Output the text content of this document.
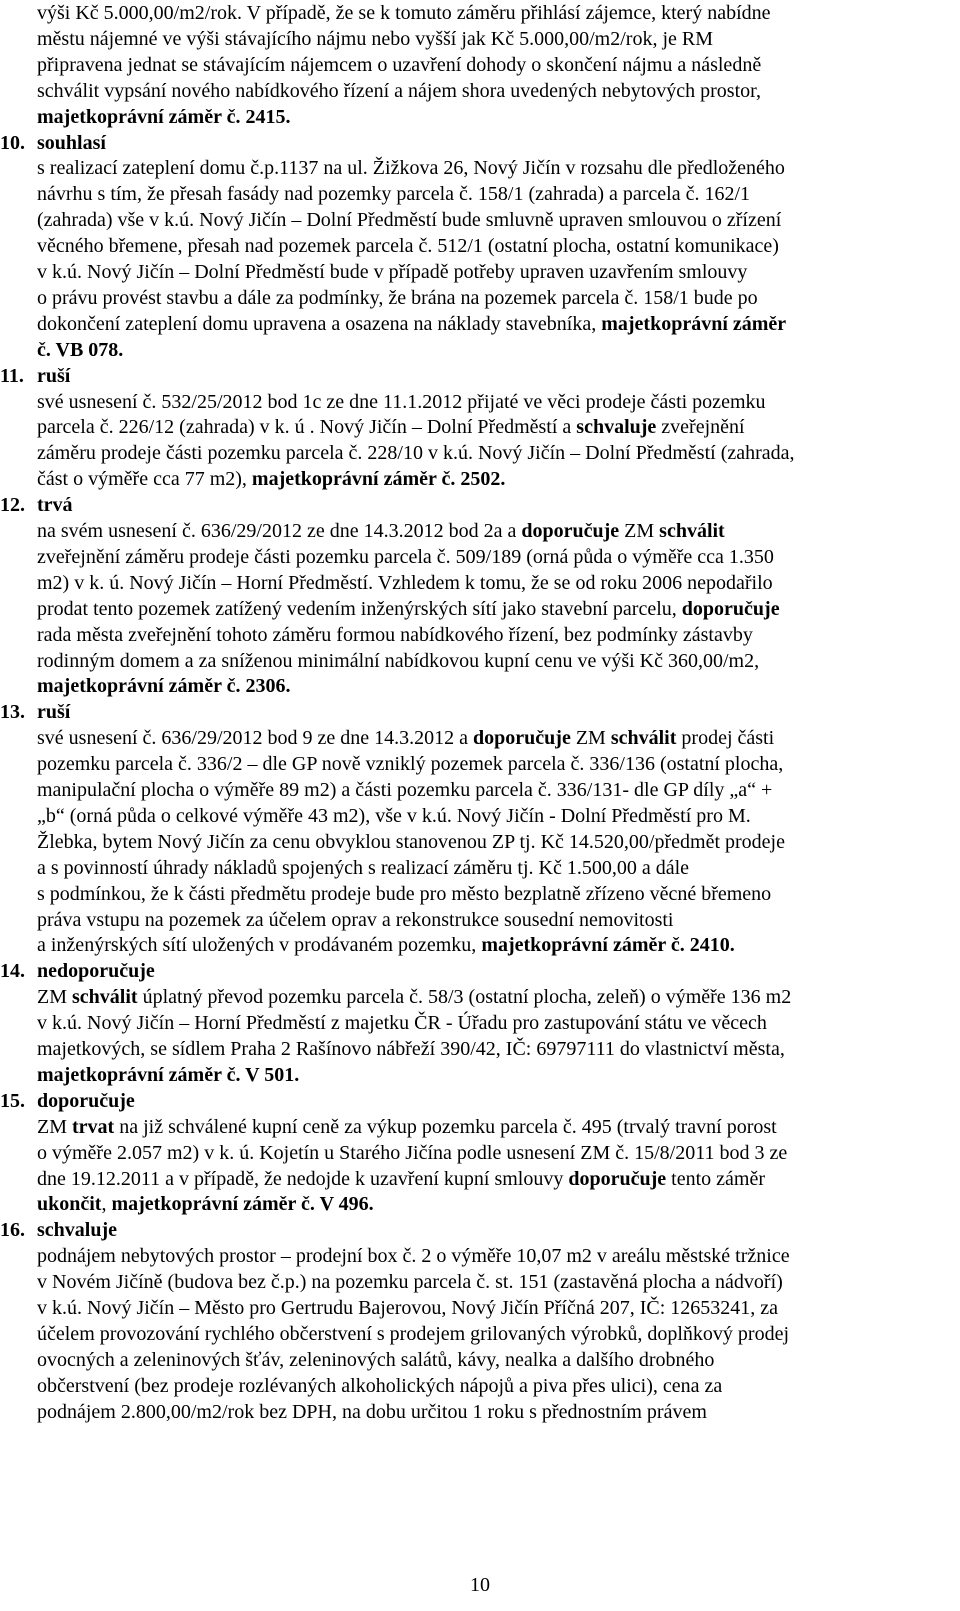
výši Kč 5.000,00/m2/rok. V případě, že se k tomuto záměru přihlásí zájemce, který nabídne
městu nájemné ve výši stávajícího nájmu nebo vyšší jak Kč 5.000,00/m2/rok, je RM
připravena jednat se stávajícím nájemcem o uzavření dohody o skončení nájmu a následně
schválit vypsání nového nabídkového řízení a nájem shora uvedených nebytových prostor,
majetkoprávní záměr č. 2415.
10. souhlasí
s realizací zateplení domu č.p.1137 na ul. Žižkova 26, Nový Jičín v rozsahu dle předloženého
návrhu s tím, že přesah fasády nad pozemky parcela č. 158/1 (zahrada) a parcela č. 162/1
(zahrada) vše v k.ú. Nový Jičín – Dolní Předměstí bude smluvně upraven smlouvou o zřízení
věcného břemene, přesah nad pozemek parcela č. 512/1 (ostatní plocha, ostatní komunikace)
v k.ú. Nový Jičín – Dolní Předměstí bude v případě potřeby upraven uzavřením smlouvy
o právu provést stavbu a dále za podmínky, že brána na pozemek parcela č. 158/1 bude po
dokončení zateplení domu upravena a osazena na náklady stavebníka, majetkoprávní záměr
č. VB 078.
11. ruší
své usnesení č. 532/25/2012 bod 1c ze dne 11.1.2012 přijaté ve věci prodeje části pozemku
parcela č. 226/12 (zahrada) v k. ú . Nový Jičín – Dolní Předměstí a schvaluje zveřejnění
záměru prodeje části pozemku parcela č. 228/10 v k.ú. Nový Jičín – Dolní Předměstí (zahrada,
část o výměře cca 77 m2), majetkoprávní záměr č. 2502.
12. trvá
na svém usnesení č. 636/29/2012 ze dne 14.3.2012 bod 2a a doporučuje ZM schválit
zveřejnění záměru prodeje části pozemku parcela č. 509/189 (orná půda o výměře cca 1.350
m2) v k. ú. Nový Jičín – Horní Předměstí. Vzhledem k tomu, že se od roku 2006 nepodařilo
prodat tento pozemek zatížený vedením inženýrských sítí jako stavební parcelu, doporučuje
rada města zveřejnění tohoto záměru formou nabídkového řízení, bez podmínky zástavby
rodinným domem a za sníženou minimální nabídkovou kupní cenu ve výši Kč 360,00/m2,
majetkoprávní záměr č. 2306.
13. ruší
své usnesení č. 636/29/2012 bod 9 ze dne 14.3.2012 a doporučuje ZM schválit prodej části
pozemku parcela č. 336/2 – dle GP nově vzniklý pozemek parcela č. 336/136 (ostatní plocha,
manipulační plocha o výměře 89 m2) a části pozemku parcela č. 336/131- dle GP díly „a“ +
„b“ (orná půda o celkové výměře 43 m2), vše v k.ú. Nový Jičín - Dolní Předměstí pro M.
Žlebka, bytem Nový Jičín za cenu obvyklou stanovenou ZP tj. Kč 14.520,00/předmět prodeje
a s povinností úhrady nákladů spojených s realizací záměru tj. Kč 1.500,00 a dále
s podmínkou, že k části předmětu prodeje bude pro město bezplatně zřízeno věcné břemeno
práva vstupu na pozemek za účelem oprav a rekonstrukce sousední nemovitosti
a inženýrských sítí uložených v prodávaném pozemku, majetkoprávní záměr č. 2410.
14. nedoporučuje
ZM schválit úplatný převod pozemku parcela č. 58/3 (ostatní plocha, zeleň) o výměře 136 m2
v k.ú. Nový Jičín – Horní Předměstí z majetku ČR - Úřadu pro zastupování státu ve věcech
majetkových, se sídlem Praha 2 Rašínovo nábřeží 390/42, IČ: 69797111 do vlastnictví města,
majetkoprávní záměr č. V 501.
15. doporučuje
ZM trvat na již schválené kupní ceně za výkup pozemku parcela č. 495 (trvalý travní porost
o výměře 2.057 m2) v k. ú. Kojetín u Starého Jičína podle usnesení ZM č. 15/8/2011 bod 3 ze
dne 19.12.2011 a v případě, že nedojde k uzavření kupní smlouvy doporučuje tento záměr
ukončit, majetkoprávní záměr č. V 496.
16. schvaluje
podnájem nebytových prostor – prodejní box č. 2 o výměře 10,07 m2 v areálu městské tržnice
v Novém Jičíně (budova bez č.p.) na pozemku parcela č. st. 151 (zastavěná plocha a nádvoří)
v k.ú. Nový Jičín – Město pro Gertrudu Bajerovou, Nový Jičín Příčná 207, IČ: 12653241, za
účelem provozování rychlého občerstvení s prodejem grilovaných výrobků, doplňkový prodej
ovocných a zeleninových šťáv, zeleninových salátů, kávy, nealka a dalšího drobného
občerstvení (bez prodeje rozlévaných alkoholických nápojů a piva přes ulici), cena za
podnájem 2.800,00/m2/rok bez DPH, na dobu určitou 1 roku s přednostním právem
10
